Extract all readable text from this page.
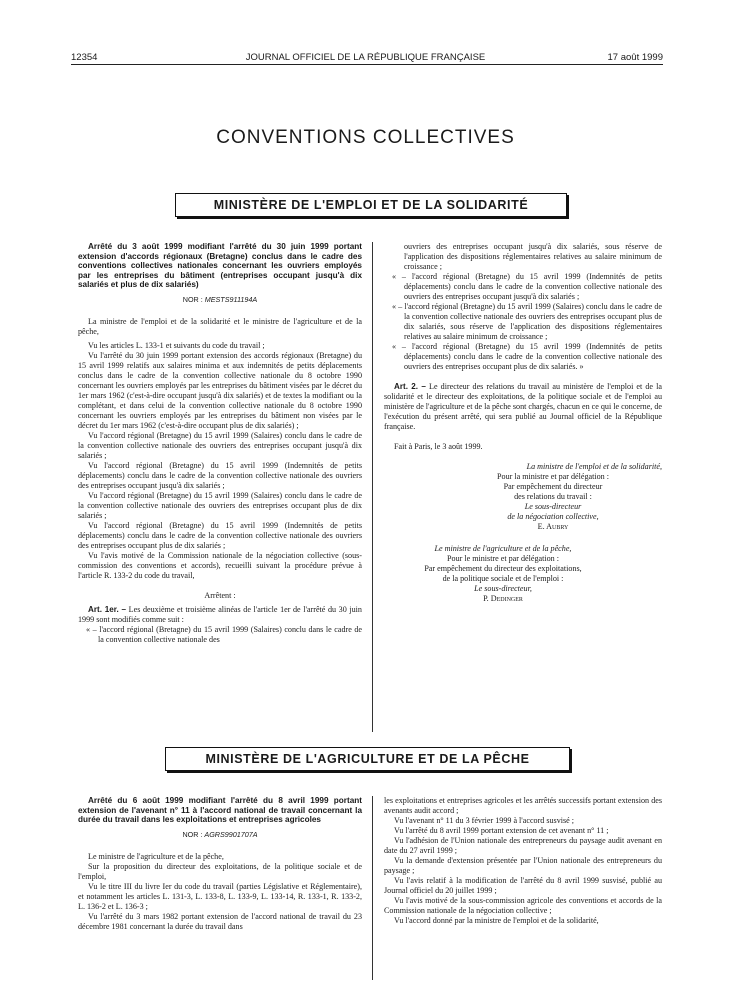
12354	JOURNAL OFFICIEL DE LA RÉPUBLIQUE FRANÇAISE	17 août 1999
CONVENTIONS COLLECTIVES
MINISTÈRE DE L'EMPLOI ET DE LA SOLIDARITÉ

Arrêté du 3 août 1999 modifiant l'arrêté du 30 juin 1999 portant extension d'accords régionaux (Bretagne) conclus dans le cadre des conventions collectives nationales concernant les ouvriers employés par les entreprises du bâtiment (entreprises occupant jusqu'à dix salariés et plus de dix salariés)

NOR : MESTS911194A

La ministre de l'emploi et de la solidarité et le ministre de l'agriculture et de la pêche,

Vu les articles L. 133-1 et suivants du code du travail ;

Vu l'arrêté du 30 juin 1999 portant extension des accords régionaux (Bretagne) du 15 avril 1999 relatifs aux salaires minima et aux indemnités de petits déplacements conclus dans le cadre de la convention collective nationale du 8 octobre 1990 concernant les ouvriers employés par les entreprises du bâtiment visées par le décret du 1er mars 1962 (c'est-à-dire occupant jusqu'à dix salariés) et de textes la modifiant ou la complétant, et dans celui de la convention collective nationale du 8 octobre 1990 concernant les ouvriers employés par les entreprises du bâtiment non visées par le décret du 1er mars 1962 (c'est-à-dire occupant plus de dix salariés) ;

Vu l'accord régional (Bretagne) du 15 avril 1999 (Salaires) conclu dans le cadre de la convention collective nationale des ouvriers des entreprises occupant jusqu'à dix salariés ;

Vu l'accord régional (Bretagne) du 15 avril 1999 (Indemnités de petits déplacements) conclu dans le cadre de la convention collective nationale des ouvriers des entreprises occupant jusqu'à dix salariés ;

Vu l'accord régional (Bretagne) du 15 avril 1999 (Salaires) conclu dans le cadre de la convention collective nationale des ouvriers des entreprises occupant plus de dix salariés ;

Vu l'accord régional (Bretagne) du 15 avril 1999 (Indemnités de petits déplacements) conclu dans le cadre de la convention collective nationale des ouvriers des entreprises occupant plus de dix salariés ;

Vu l'avis motivé de la Commission nationale de la négociation collective (sous-commission des conventions et accords), recueilli suivant la procédure prévue à l'article R. 133-2 du code du travail,

Arrêtent :

Art. 1er. – Les deuxième et troisième alinéas de l'article 1er de l'arrêté du 30 juin 1999 sont modifiés comme suit :

« – l'accord régional (Bretagne) du 15 avril 1999 (Salaires) conclu dans le cadre de la convention collective nationale des

ouvriers des entreprises occupant jusqu'à dix salariés, sous réserve de l'application des dispositions réglementaires relatives au salaire minimum de croissance ;

« – l'accord régional (Bretagne) du 15 avril 1999 (Indemnités de petits déplacements) conclu dans le cadre de la convention collective nationale des ouvriers des entreprises occupant jusqu'à dix salariés ;

« – l'accord régional (Bretagne) du 15 avril 1999 (Salaires) conclu dans le cadre de la convention collective nationale des ouvriers des entreprises occupant plus de dix salariés, sous réserve de l'application des dispositions réglementaires relatives au salaire minimum de croissance ;

« – l'accord régional (Bretagne) du 15 avril 1999 (Indemnités de petits déplacements) conclu dans le cadre de la convention collective nationale des ouvriers des entreprises occupant plus de dix salariés. »

Art. 2. – Le directeur des relations du travail au ministère de l'emploi et de la solidarité et le directeur des exploitations, de la politique sociale et de l'emploi au ministère de l'agriculture et de la pêche sont chargés, chacun en ce qui le concerne, de l'exécution du présent arrêté, qui sera publié au Journal officiel de la République française.

Fait à Paris, le 3 août 1999.

La ministre de l'emploi et de la solidarité,

Pour la ministre et par délégation :

Par empêchement du directeur

des relations du travail :

Le sous-directeur

de la négociation collective,

E. Aubry

Le ministre de l'agriculture et de la pêche,

Pour le ministre et par délégation :

Par empêchement du directeur des exploitations,

de la politique sociale et de l'emploi :

Le sous-directeur,

P. Dedinger

MINISTÈRE DE L'AGRICULTURE ET DE LA PÊCHE

Arrêté du 6 août 1999 modifiant l'arrêté du 8 avril 1999 portant extension de l'avenant n° 11 à l'accord national de travail concernant la durée du travail dans les exploitations et entreprises agricoles

NOR : AGRS9901707A

Le ministre de l'agriculture et de la pêche,

Sur la proposition du directeur des exploitations, de la politique sociale et de l'emploi,

Vu le titre III du livre Ier du code du travail (parties Législative et Réglementaire), et notamment les articles L. 131-3, L. 133-8, L. 133-9, L. 133-14, R. 133-1, R. 133-2, L. 136-2 et L. 136-3 ;

Vu l'arrêté du 3 mars 1982 portant extension de l'accord national de travail du 23 décembre 1981 concernant la durée du travail dans

les exploitations et entreprises agricoles et les arrêtés successifs portant extension des avenants audit accord ;

Vu l'avenant n° 11 du 3 février 1999 à l'accord susvisé ;

Vu l'arrêté du 8 avril 1999 portant extension de cet avenant n° 11 ;

Vu l'adhésion de l'Union nationale des entrepreneurs du paysage audit avenant en date du 27 avril 1999 ;

Vu la demande d'extension présentée par l'Union nationale des entrepreneurs du paysage ;

Vu l'avis relatif à la modification de l'arrêté du 8 avril 1999 susvisé, publié au Journal officiel du 20 juillet 1999 ;

Vu l'avis motivé de la sous-commission agricole des conventions et accords de la Commission nationale de la négociation collective ;

Vu l'accord donné par la ministre de l'emploi et de la solidarité,
